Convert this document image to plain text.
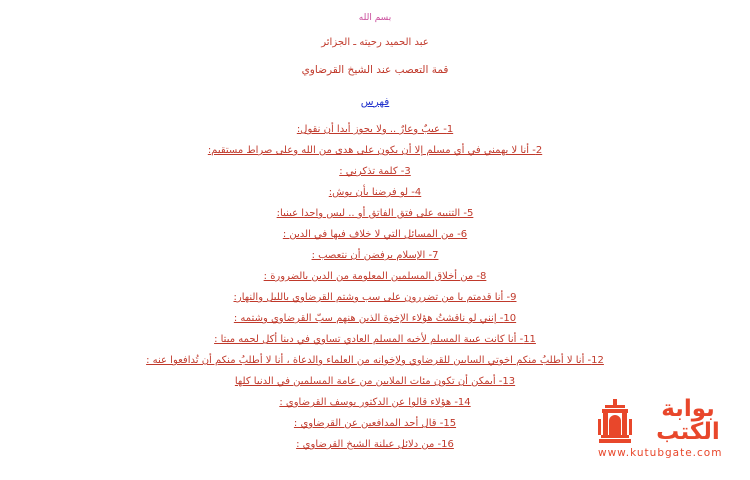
بسم الله
عبد الحميد رحيته ـ الجزائر
قمة التعصب عند الشيخ القرضاوي
فهرس
1- عيبٌ وعارٌ .. ولا يجوز أبدا أن نقول:
2- أنا لا يهمني في أي مسلم إلا أن يكون على هدى من الله وعلى صراط مستقيم:
3- كلمة تذكرني :
4- لو فرضنا بأن بوش:
5- التنبيه على فتق الفاتق أو .. ليس واجدا عينيا:
6- من المسائل التي لا خلاف فيها في الدين :
7- الإسلام يرفضن أن نتعصب :
8- من أخلاق المسلمين المعلومة من الدين بالضرورة :
9- أنا قدمتم يا من تضررون على سب وشتم القرضاوي بالليل والنهار:
10- إنني لو ناقشتُ هؤلاء الإخوة الذين هنهم سبّ القرضاوي وشتمه :
11- أنا كانت عيبة المسلم لأخيه المسلم العادي تساوي في دينا أكل لحمه ميتا :
12- أنا لا أطلبُ منكم اخوتي السابين للقرضاوي ولإخوانه من العلماء والدعاة ، أنا لا أطلبُ منكم أن تُدافعوا عنه :
13- أيمكن أن تكون مئات الملايين من عامة المسلمين في الدنيا كلها
14- هؤلاء قالوا عن الدكتور يوسف القرضاوي :
15- قال أحد المدافعين عن القرضاوي :
16- من دلائل عبلنة الشيخ القرضاوي :
بوابة الكتب
www.kutubgate.com
